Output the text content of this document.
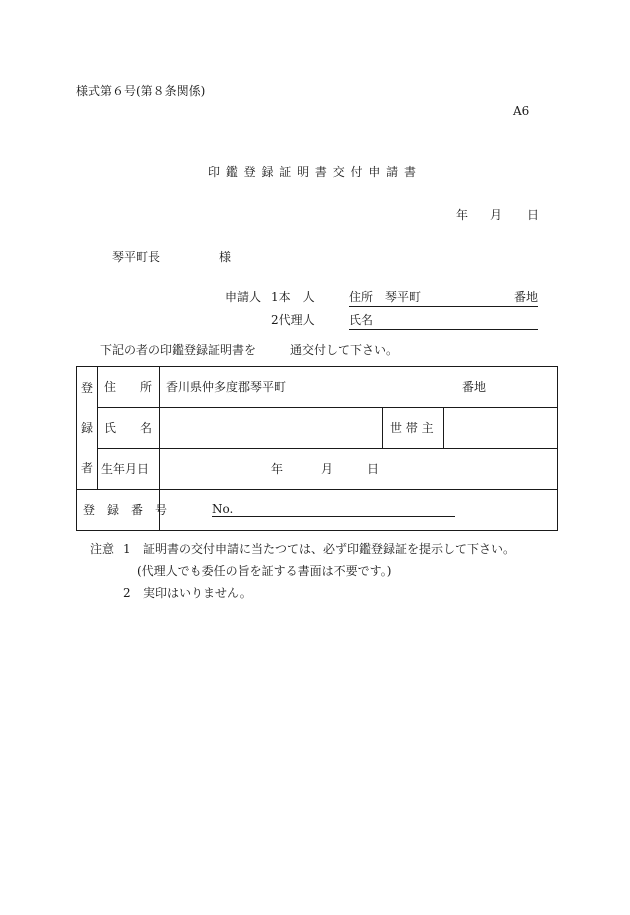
様式第６号(第８条関係)
A6
印 鑑 登 録 証 明 書 交 付 申 請 書
年 月 日
琴平町長	様
申請人 1本　人	住所 琴平町	番地
2代理人	氏名
下記の者の印鑑登録証明書を	通交付して下さい。
登
録
者	住　　所	香川県仲多度郡琴平町 番地		

	氏　　名		世 帯 主	

	生年月日	年 月 日		

登　録　番　号		No.		
注意 1 証明書の交付申請に当たつては、必ず印鑑登録証を提示して下さい。
(代理人でも委任の旨を証する書面は不要です。)
2 実印はいりません。
